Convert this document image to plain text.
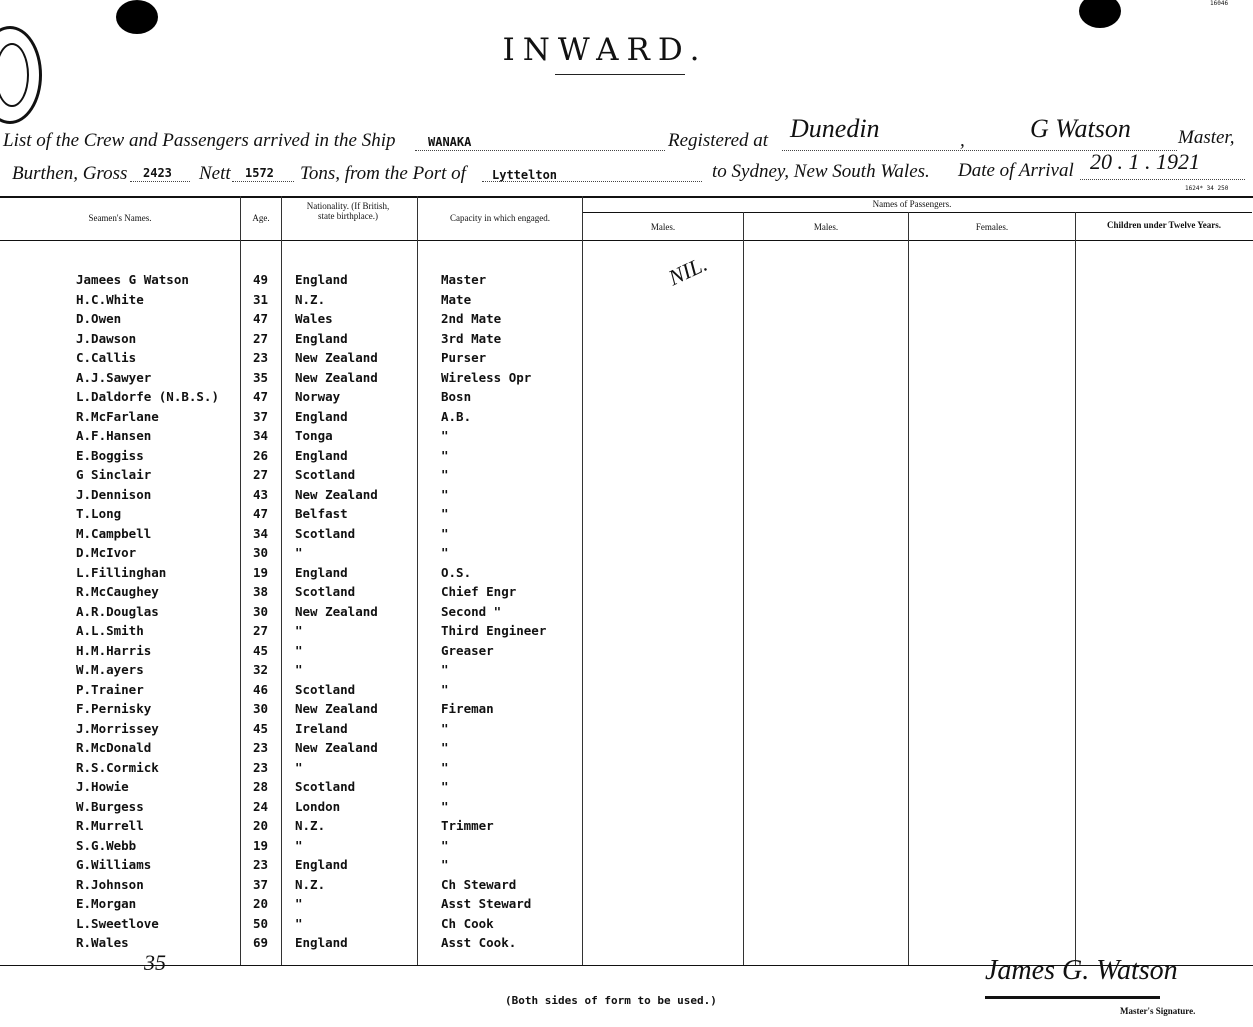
16046
INWARD.
List of the Crew and Passengers arrived in the Ship	WANAKA	Registered at Dunedin	,	G Watson Master,
Burthen, Gross 2423 Nett 1572 Tons, from the Port of Lyttelton	to Sydney, New South Wales. Date of Arrival 20 . 1 . 1921
1624* 34 250
Seamen's Names.	Age.
Nationality. (If British, state birthplace.)	Capacity in which engaged.
Names of Passengers.
Males.	Males.	Females.	Children under Twelve Years.
NIL.
Jamees G Watson	49 England	Master
H.C.White	31 N.Z.	Mate
D.Owen	47 Wales	2nd Mate
J.Dawson	27 England	3rd Mate
C.Callis	23 New Zealand	Purser
A.J.Sawyer	35 New Zealand	Wireless Opr
L.Daldorfe (N.B.S.)	47 Norway	Bosn
R.McFarlane	37 England	A.B.
A.F.Hansen	34 Tonga	"
E.Boggiss	26 England	"
G Sinclair	27 Scotland	"
J.Dennison	43 New Zealand	"
T.Long	47 Belfast	"
M.Campbell	34 Scotland	"
D.McIvor	30 "	"
L.Fillinghan	19 England	O.S.
R.McCaughey	38 Scotland	Chief Engr
A.R.Douglas	30 New Zealand	Second "
A.L.Smith	27 "	Third Engineer
H.M.Harris	45 "	Greaser
W.M.ayers	32 "	"
P.Trainer	46 Scotland	"
F.Pernisky	30 New Zealand	Fireman
J.Morrissey	45 Ireland	"
R.McDonald	23 New Zealand	"
R.S.Cormick	23 "	"
J.Howie	28 Scotland	"
W.Burgess	24 London	"
R.Murrell	20 N.Z.	Trimmer
S.G.Webb	19 "	"
G.Williams	23 England	"
R.Johnson	37 N.Z.	Ch Steward
E.Morgan	20 "	Asst Steward
L.Sweetlove	50 "	Ch Cook
R.Wales	69 England	Asst Cook.
35
(Both sides of form to be used.)
James G. Watson
Master's Signature.
